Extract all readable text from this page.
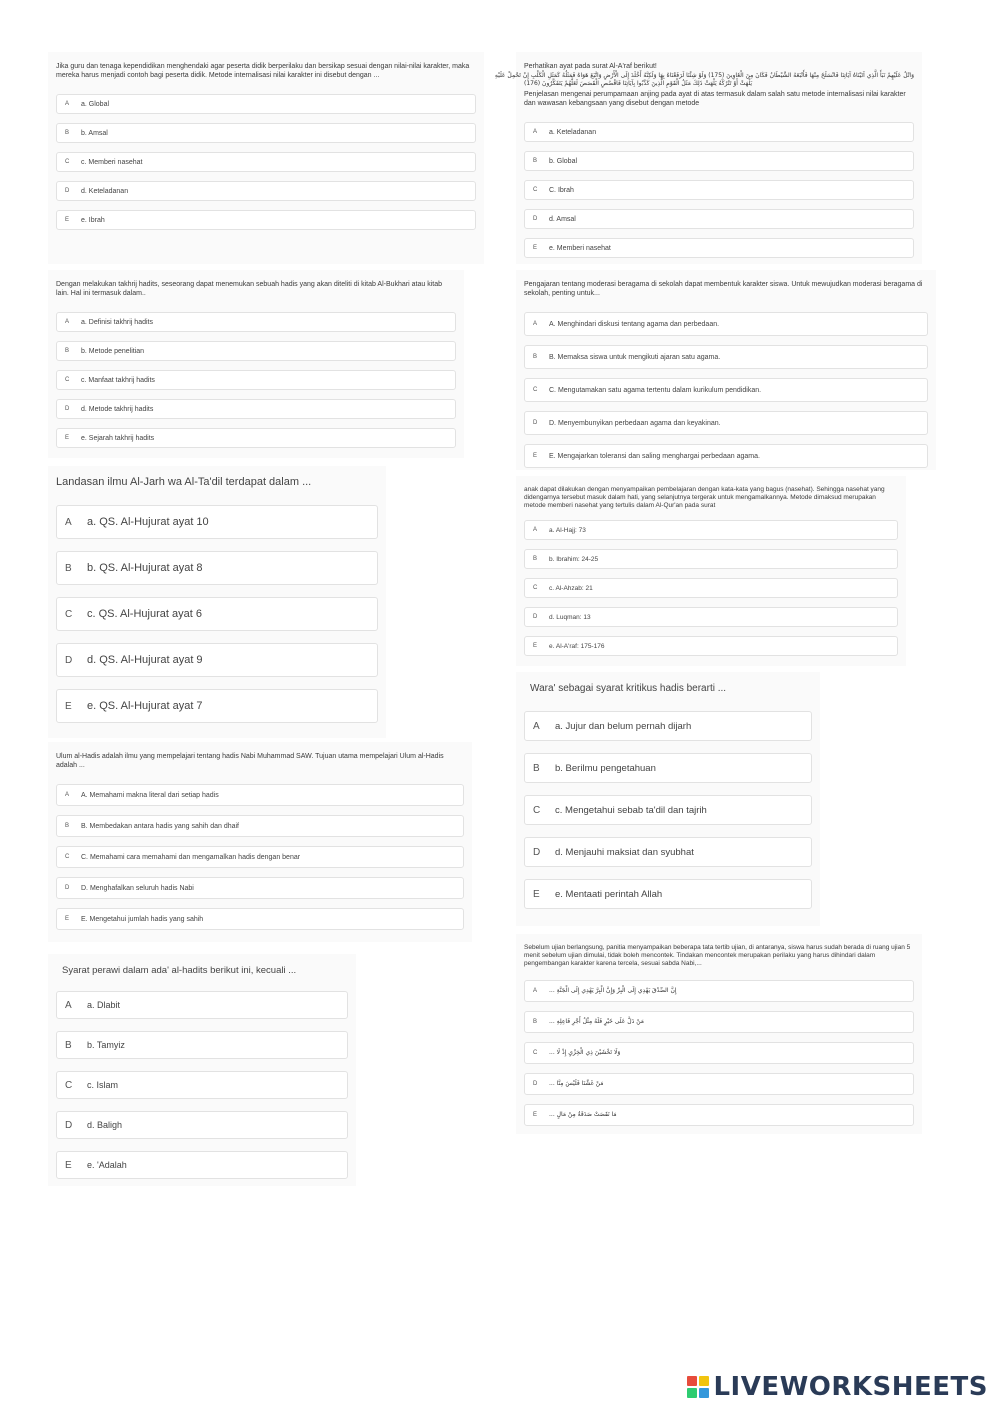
Jika guru dan tenaga kependidikan menghendaki agar peserta didik berperilaku dan bersikap sesuai dengan nilai-nilai karakter, maka mereka harus menjadi contoh bagi peserta didik. Metode internalisasi nilai karakter ini disebut dengan ...

A	a. Global
B	b. Amsal
C	c. Memberi nasehat
D	d. Keteladanan
E	e. Ibrah

Perhatikan ayat pada surat Al-A'raf berikut!

وَاتْلُ عَلَيْهِمْ نَبَأَ الَّذِي آتَيْنَاهُ آيَاتِنَا فَانْسَلَخَ مِنْهَا فَأَتْبَعَهُ الشَّيْطَانُ فَكَانَ مِنَ الْغَاوِينَ (175) وَلَوْ شِئْنَا لَرَفَعْنَاهُ بِهَا وَلَكِنَّهُ أَخْلَدَ إِلَى الْأَرْضِ وَاتَّبَعَ هَوَاهُ فَمَثَلُهُ كَمَثَلِ الْكَلْبِ إِنْ تَحْمِلْ عَلَيْهِ
يَلْهَثْ أَوْ تَتْرُكْهُ يَلْهَثْ ذَلِكَ مَثَلُ الْقَوْمِ الَّذِينَ كَذَّبُوا بِآيَاتِنَا فَاقْصُصِ الْقَصَصَ لَعَلَّهُمْ يَتَفَكَّرُونَ (176)

Penjelasan mengenai perumpamaan anjing pada ayat di atas termasuk dalam salah satu metode internalisasi nilai karakter dan wawasan kebangsaan yang disebut dengan metode

A	a. Keteladanan
B	b. Global
C	C. Ibrah
D	d. Amsal
E	e. Memberi nasehat

Dengan melakukan takhrij hadits, seseorang dapat menemukan sebuah hadis yang akan diteliti di kitab Al-Bukhari atau kitab lain. Hal ini termasuk dalam..

A	a. Definisi takhrij hadits
B	b. Metode penelitian
C	c. Manfaat takhrij hadits
D	d. Metode takhrij hadits
E	e. Sejarah takhrij hadits

Pengajaran tentang moderasi beragama di sekolah dapat membentuk karakter siswa. Untuk mewujudkan moderasi beragama di sekolah, penting untuk...

A	A. Menghindari diskusi tentang agama dan perbedaan.
B	B. Memaksa siswa untuk mengikuti ajaran satu agama.
C	C. Mengutamakan satu agama tertentu dalam kurikulum pendidikan.
D	D. Menyembunyikan perbedaan agama dan keyakinan.
E	E. Mengajarkan toleransi dan saling menghargai perbedaan agama.

Landasan ilmu Al-Jarh wa Al-Ta'dil terdapat dalam ...

A	a. QS. Al-Hujurat ayat 10
B	b. QS. Al-Hujurat ayat 8
C	c. QS. Al-Hujurat ayat 6
D	d. QS. Al-Hujurat ayat 9
E	e. QS. Al-Hujurat ayat 7

anak dapat dilakukan dengan menyampaikan pembelajaran dengan kata-kata yang bagus (nasehat). Sehingga nasehat yang didengarnya tersebut masuk dalam hati, yang selanjutnya tergerak untuk mengamalkannya. Metode dimaksud merupakan metode memberi nasehat yang tertulis dalam Al-Qur'an pada surat

A	a. Al-Hajj: 73
B	b. Ibrahim: 24-25
C	c. Al-Ahzab: 21
D	d. Luqman: 13
E	e. Al-A'raf: 175-176

Wara' sebagai syarat kritikus hadis berarti ...

A	a. Jujur dan belum pernah dijarh
B	b. Berilmu pengetahuan
C	c. Mengetahui sebab ta'dil dan tajrih
D	d. Menjauhi maksiat dan syubhat
E	e. Mentaati perintah Allah

Ulum al-Hadis adalah ilmu yang mempelajari tentang hadis Nabi Muhammad SAW. Tujuan utama mempelajari Ulum al-Hadis adalah ...

A	A. Memahami makna literal dari setiap hadis
B	B. Membedakan antara hadis yang sahih dan dhaif
C	C. Memahami cara memahami dan mengamalkan hadis dengan benar
D	D. Menghafalkan seluruh hadis Nabi
E	E. Mengetahui jumlah hadis yang sahih

Sebelum ujian berlangsung, panitia menyampaikan beberapa tata tertib ujian, di antaranya, siswa harus sudah berada di ruang ujian 5 menit sebelum ujian dimulai, tidak boleh mencontek. Tindakan mencontek merupakan perilaku yang harus dihindari dalam pengembangan karakter karena tercela, sesuai sabda Nabi,...

A	إِنَّ الصِّدْقَ يَهْدِي إِلَى الْبِرِّ وَإِنَّ الْبِرَّ يَهْدِي إِلَى الْجَنَّةِ ...
B	مَنْ دَلَّ عَلَى خَيْرٍ فَلَهُ مِثْلُ أَجْرِ فَاعِلِهِ ...
C	وَلَا تَخْشَيْنَ ذِي الْخِزْيِ إِذْ لَا ...
D	مَنْ غَشَّنَا فَلَيْسَ مِنَّا ...
E	مَا نَقَصَتْ صَدَقَةٌ مِنْ مَالٍ ...

Syarat perawi dalam ada' al-hadits berikut ini, kecuali ...

A	a. Dlabit
B	b. Tamyiz
C	c. Islam
D	d. Baligh
E	e. 'Adalah
LIVEWORKSHEETS
